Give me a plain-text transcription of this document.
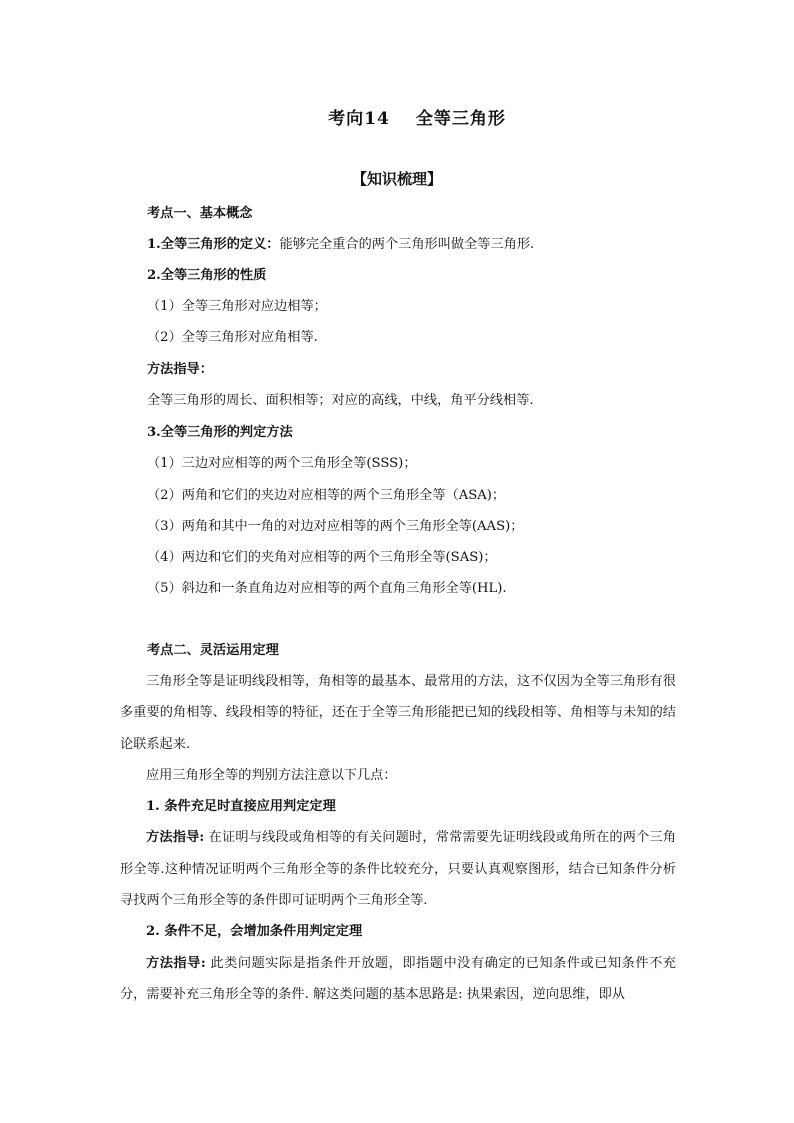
考向14 全等三角形
【知识梳理】
考点一、基本概念
1.全等三角形的定义：能够完全重合的两个三角形叫做全等三角形.
2.全等三角形的性质
（1）全等三角形对应边相等；
（2）全等三角形对应角相等.
方法指导：
全等三角形的周长、面积相等；对应的高线，中线，角平分线相等.
3.全等三角形的判定方法
（1）三边对应相等的两个三角形全等(SSS)；
（2）两角和它们的夹边对应相等的两个三角形全等（ASA)；
（3）两角和其中一角的对边对应相等的两个三角形全等(AAS)；
（4）两边和它们的夹角对应相等的两个三角形全等(SAS)；
（5）斜边和一条直角边对应相等的两个直角三角形全等(HL).
考点二、灵活运用定理

三角形全等是证明线段相等，角相等的最基本、最常用的方法，这不仅因为全等三角形有很多重要的角相等、线段相等的特征，还在于全等三角形能把已知的线段相等、角相等与未知的结论联系起来.

应用三角形全等的判别方法注意以下几点：

1. 条件充足时直接应用判定定理

方法指导: 在证明与线段或角相等的有关问题时，常常需要先证明线段或角所在的两个三角形全等.这种情况证明两个三角形全等的条件比较充分，只要认真观察图形，结合已知条件分析寻找两个三角形全等的条件即可证明两个三角形全等.

2. 条件不足，会增加条件用判定定理

方法指导: 此类问题实际是指条件开放题，即指题中没有确定的已知条件或已知条件不充分，需要补充三角形全等的条件. 解这类问题的基本思路是: 执果索因，逆向思维，即从
